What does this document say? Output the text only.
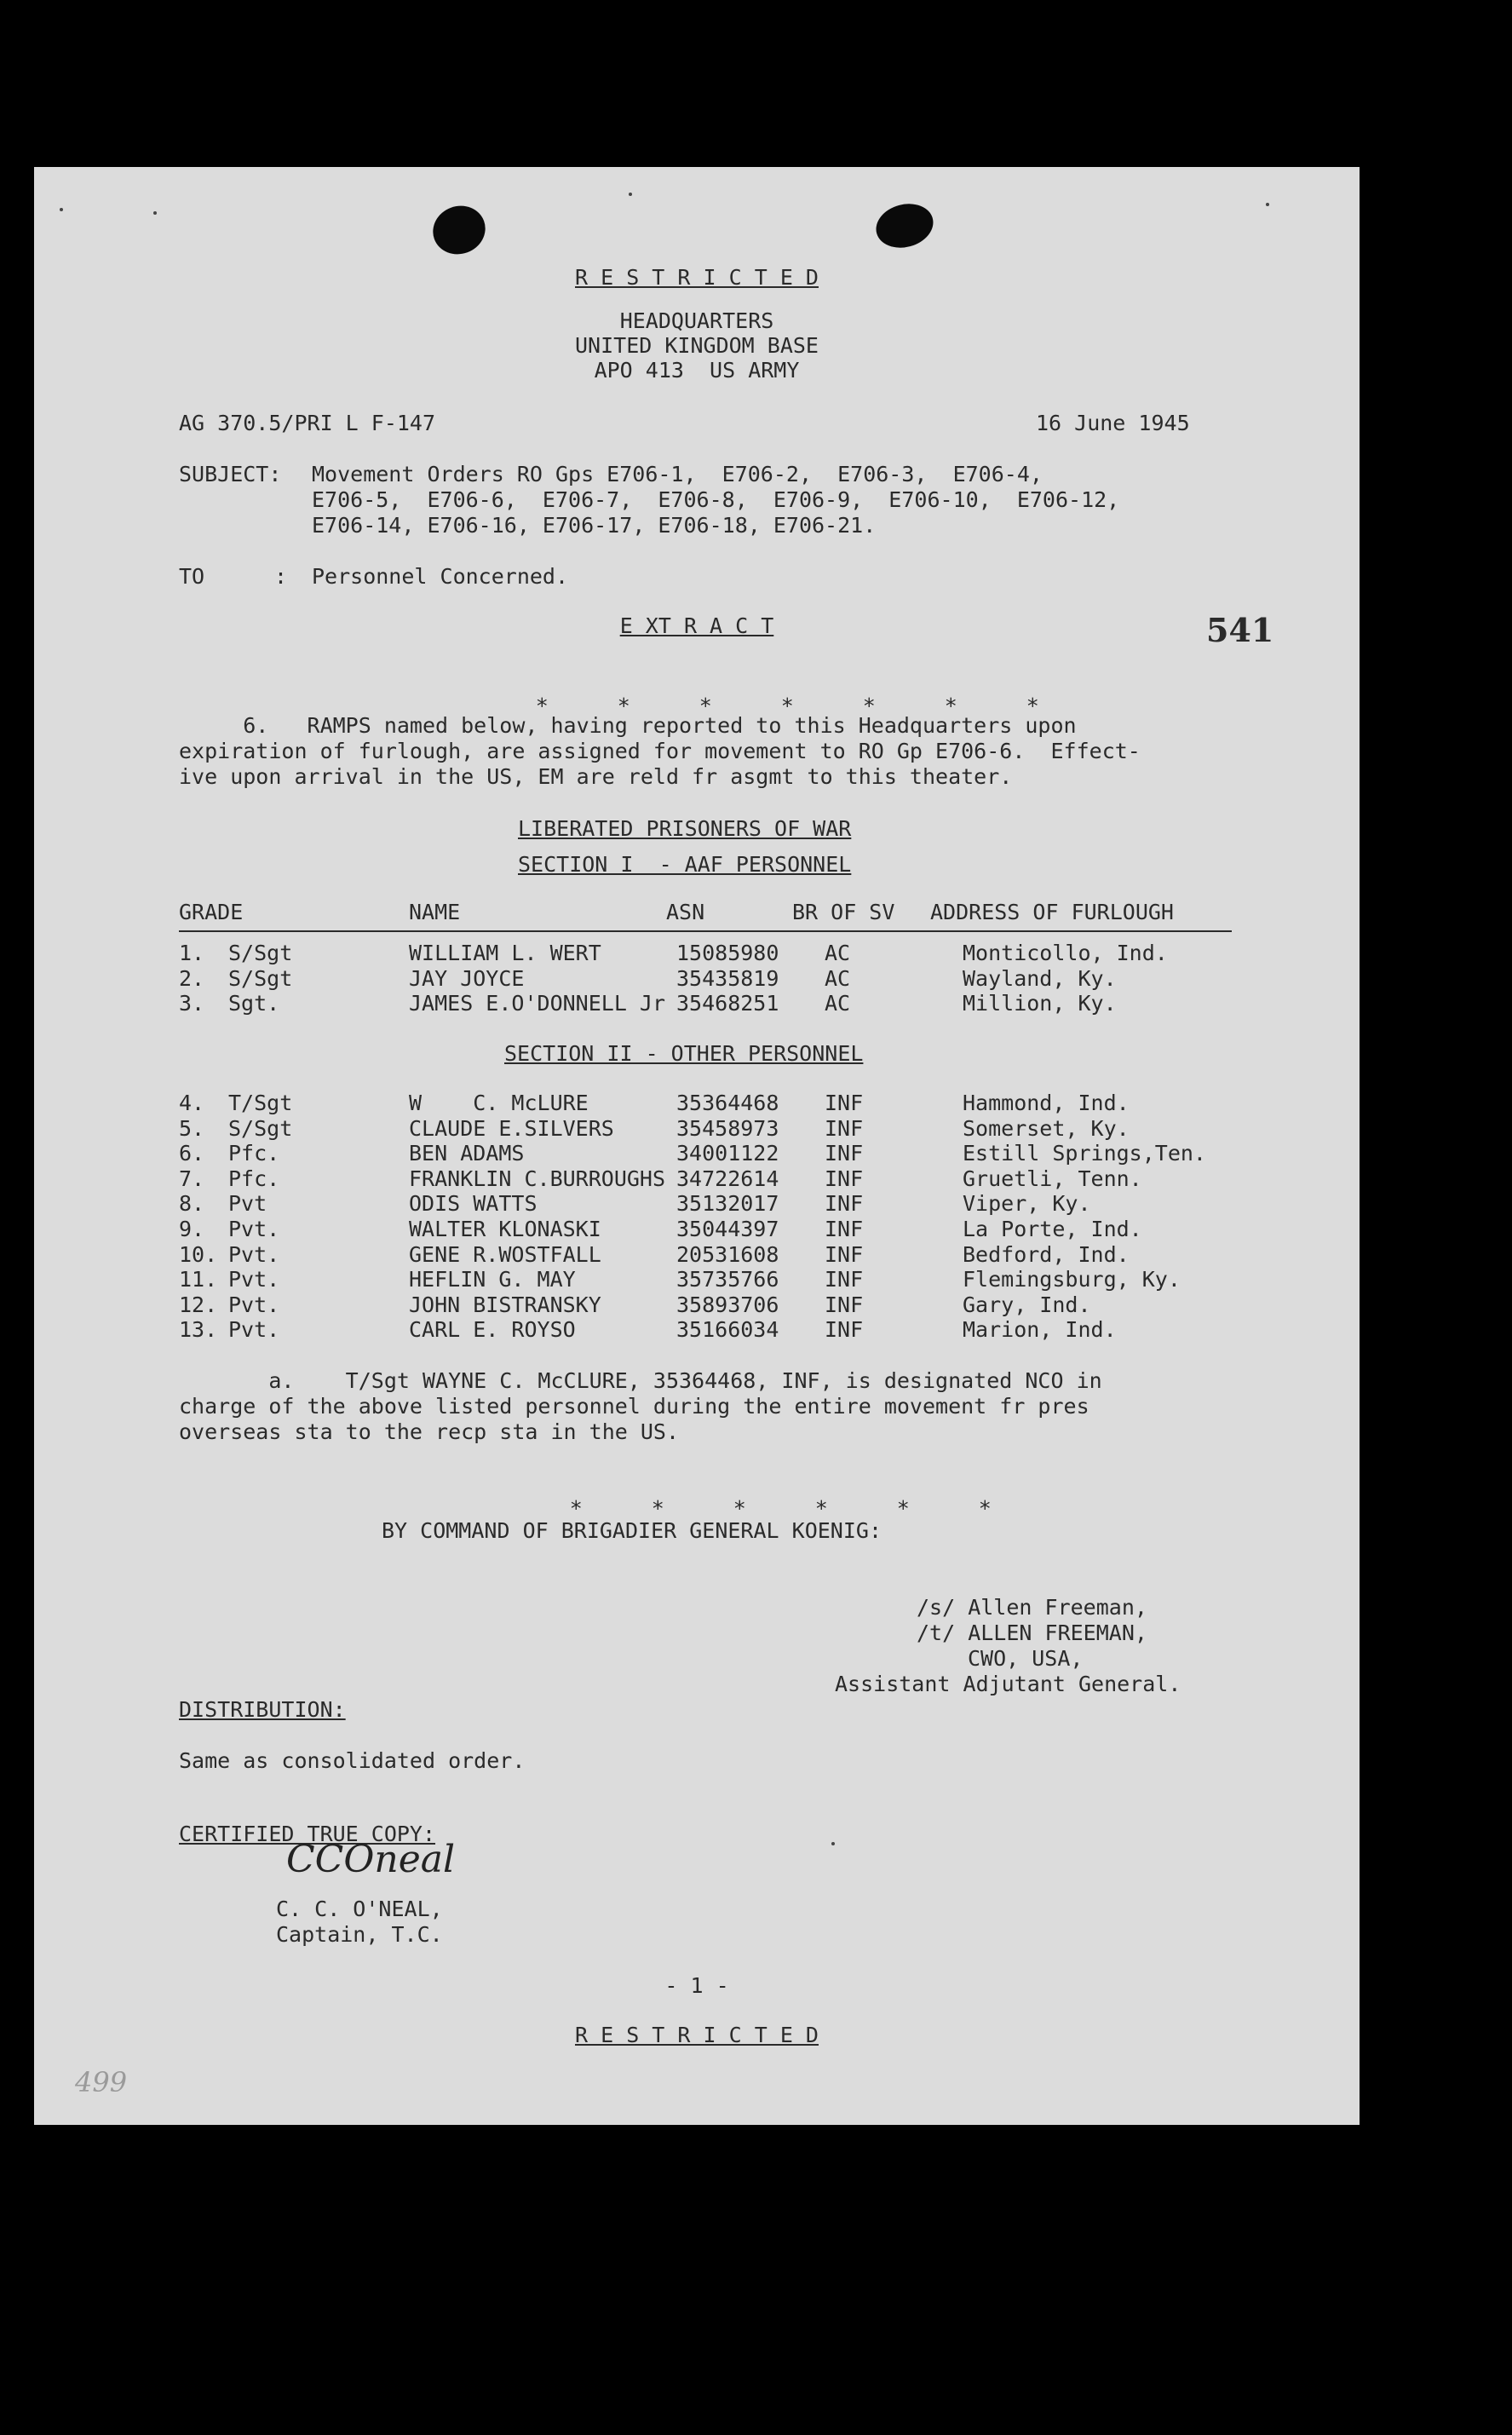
R E S T R I C T E D
HEADQUARTERS
UNITED KINGDOM BASE
APO 413  US ARMY
AG 370.5/PRI L F-147	16 June 1945
SUBJECT: Movement Orders RO Gps E706-1,  E706-2,  E706-3,  E706-4,
E706-5,  E706-6,  E706-7,  E706-8,  E706-9,  E706-10,  E706-12,
E706-14, E706-16, E706-17, E706-18, E706-21.
TO	: Personnel Concerned.
E XT R A C T	541

*	*	*	*	*	*	*

6.   RAMPS named below, having reported to this Headquarters upon
expiration of furlough, are assigned for movement to RO Gp E706-6.  Effect-
ive upon arrival in the US, EM are reld fr asgmt to this theater.
LIBERATED PRISONERS OF WAR
SECTION I  - AAF PERSONNEL
GRADE	NAME	ASN	BR OF SV ADDRESS OF FURLOUGH
1.	S/Sgt	WILLIAM L. WERT	15085980	AC	Monticollo, Ind.
2.	S/Sgt	JAY JOYCE	35435819	AC	Wayland, Ky.
3.	Sgt.	JAMES E.O'DONNELL Jr	35468251	AC	Million, Ky.
SECTION II - OTHER PERSONNEL
4.	T/Sgt	W    C. McLURE	35364468	INF	Hammond, Ind.
5.	S/Sgt	CLAUDE E.SILVERS	35458973	INF	Somerset, Ky.
6.	Pfc.	BEN ADAMS	34001122	INF	Estill Springs,Ten.
7.	Pfc.	FRANKLIN C.BURROUGHS	34722614	INF	Gruetli, Tenn.
8.	Pvt	ODIS WATTS	35132017	INF	Viper, Ky.
9.	Pvt.	WALTER KLONASKI	35044397	INF	La Porte, Ind.
10.	Pvt.	GENE R.WOSTFALL	20531608	INF	Bedford, Ind.
11.	Pvt.	HEFLIN G. MAY	35735766	INF	Flemingsburg, Ky.
12.	Pvt.	JOHN BISTRANSKY	35893706	INF	Gary, Ind.
13.	Pvt.	CARL E. ROYSO	35166034	INF	Marion, Ind.
a.    T/Sgt WAYNE C. McCLURE, 35364468, INF, is designated NCO in
charge of the above listed personnel during the entire movement fr pres
overseas sta to the recp sta in the US.

*	*	*	*	*	*

BY COMMAND OF BRIGADIER GENERAL KOENIG:
/s/ Allen Freeman,
/t/ ALLEN FREEMAN,
CWO, USA,
Assistant Adjutant General.
DISTRIBUTION:
Same as consolidated order.
CERTIFIED TRUE COPY:
CCOneal
C. C. O'NEAL,
Captain, T.C.
- 1 -
R E S T R I C T E D
499
